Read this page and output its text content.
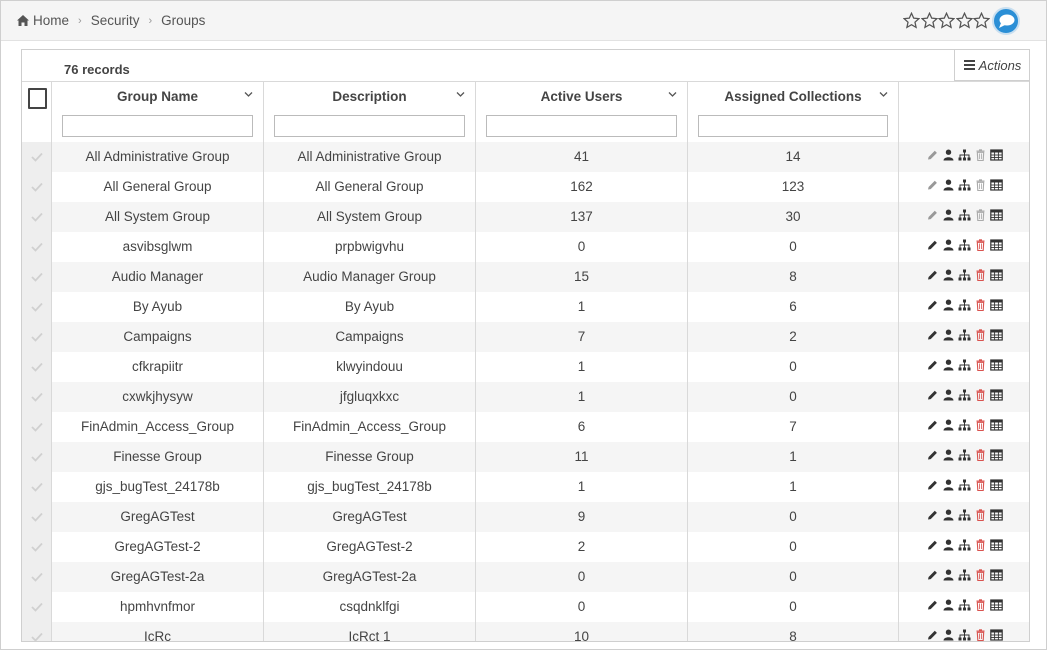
Home › Security › Groups
76 records	Actions
Group Name	Description	Active Users	Assigned Collections
All Administrative Group	All Administrative Group	41	14
All General Group	All General Group	162	123
All System Group	All System Group	137	30
asvibsglwm	prpbwigvhu	0	0
Audio Manager	Audio Manager Group	15	8
By Ayub	By Ayub	1	6
Campaigns	Campaigns	7	2
cfkrapiitr	klwyindouu	1	0
cxwkjhysyw	jfgluqxkxc	1	0
FinAdmin_Access_Group	FinAdmin_Access_Group	6	7
Finesse Group	Finesse Group	11	1
gjs_bugTest_24178b	gjs_bugTest_24178b	1	1
GregAGTest	GregAGTest	9	0
GregAGTest-2	GregAGTest-2	2	0
GregAGTest-2a	GregAGTest-2a	0	0
hpmhvnfmor	csqdnklfgi	0	0
IcRc	IcRct 1	10	8
